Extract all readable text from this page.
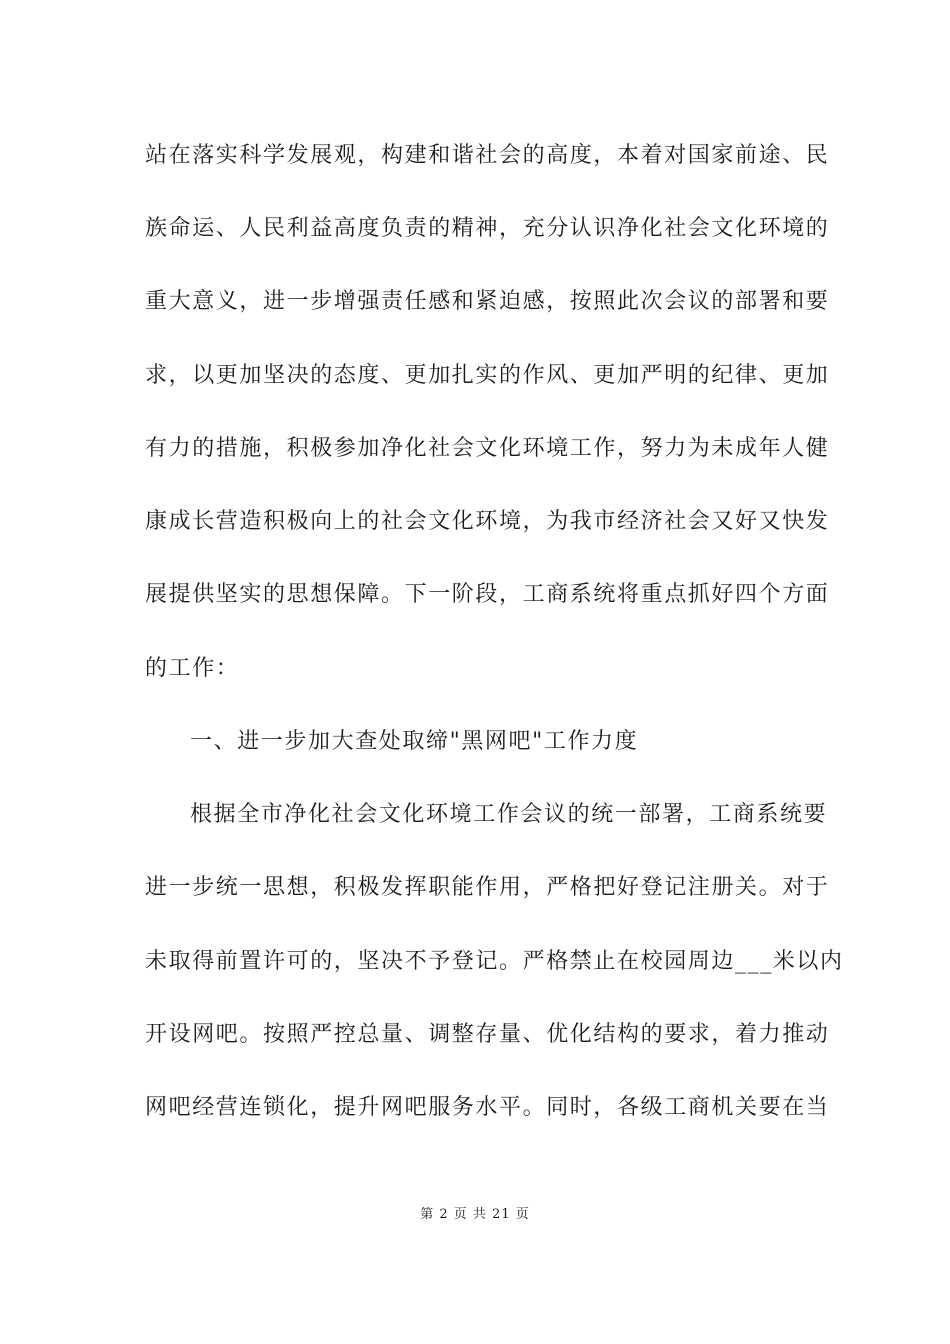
站在落实科学发展观，构建和谐社会的高度，本着对国家前途、民
族命运、人民利益高度负责的精神，充分认识净化社会文化环境的
重大意义，进一步增强责任感和紧迫感，按照此次会议的部署和要
求，以更加坚决的态度、更加扎实的作风、更加严明的纪律、更加
有力的措施，积极参加净化社会文化环境工作，努力为未成年人健
康成长营造积极向上的社会文化环境，为我市经济社会又好又快发
展提供坚实的思想保障。下一阶段，工商系统将重点抓好四个方面
的工作：
一、进一步加大查处取缔"黑网吧"工作力度
根据全市净化社会文化环境工作会议的统一部署，工商系统要
进一步统一思想，积极发挥职能作用，严格把好登记注册关。对于
未取得前置许可的，坚决不予登记。严格禁止在校园周边___米以内
开设网吧。按照严控总量、调整存量、优化结构的要求，着力推动
网吧经营连锁化，提升网吧服务水平。同时，各级工商机关要在当
第 2 页 共 21 页
